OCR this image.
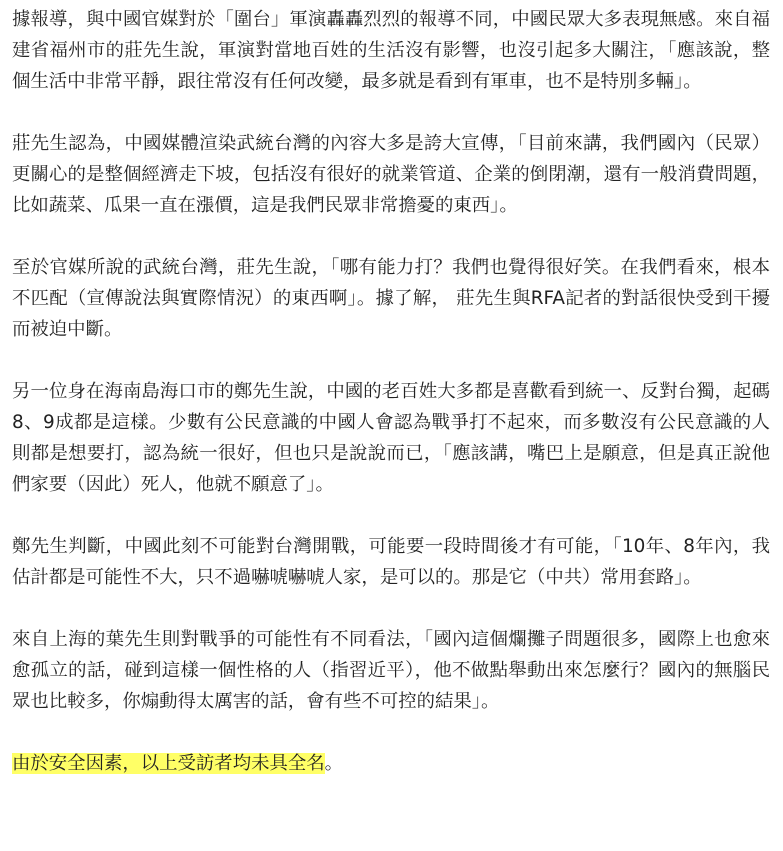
據報導，與中國官媒對於「圍台」軍演轟轟烈烈的報導不同，中國民眾大多表現無感。來自福建省福州市的莊先生說，軍演對當地百姓的生活沒有影響，也沒引起多大關注，「應該說，整個生活中非常平靜，跟往常沒有任何改變，最多就是看到有軍車，也不是特別多輛」。

莊先生認為，中國媒體渲染武統台灣的內容大多是誇大宣傳，「目前來講，我們國內（民眾）更關心的是整個經濟走下坡，包括沒有很好的就業管道、企業的倒閉潮，還有一般消費問題，比如蔬菜、瓜果一直在漲價，這是我們民眾非常擔憂的東西」。

至於官媒所說的武統台灣，莊先生說，「哪有能力打？我們也覺得很好笑。在我們看來，根本不匹配（宣傳說法與實際情況）的東西啊」。據了解， 莊先生與RFA記者的對話很快受到干擾而被迫中斷。

另一位身在海南島海口市的鄭先生說，中國的老百姓大多都是喜歡看到統一、反對台獨，起碼8、9成都是這樣。少數有公民意識的中國人會認為戰爭打不起來，而多數沒有公民意識的人則都是想要打，認為統一很好，但也只是說說而已，「應該講，嘴巴上是願意，但是真正說他們家要（因此）死人，他就不願意了」。

鄭先生判斷，中國此刻不可能對台灣開戰，可能要一段時間後才有可能，「10年、8年內，我估計都是可能性不大，只不過嚇唬嚇唬人家，是可以的。那是它（中共）常用套路」。

來自上海的葉先生則對戰爭的可能性有不同看法，「國內這個爛攤子問題很多，國際上也愈來愈孤立的話，碰到這樣一個性格的人（指習近平），他不做點舉動出來怎麼行？國內的無腦民眾也比較多，你煽動得太厲害的話，會有些不可控的結果」。

由於安全因素，以上受訪者均未具全名。
